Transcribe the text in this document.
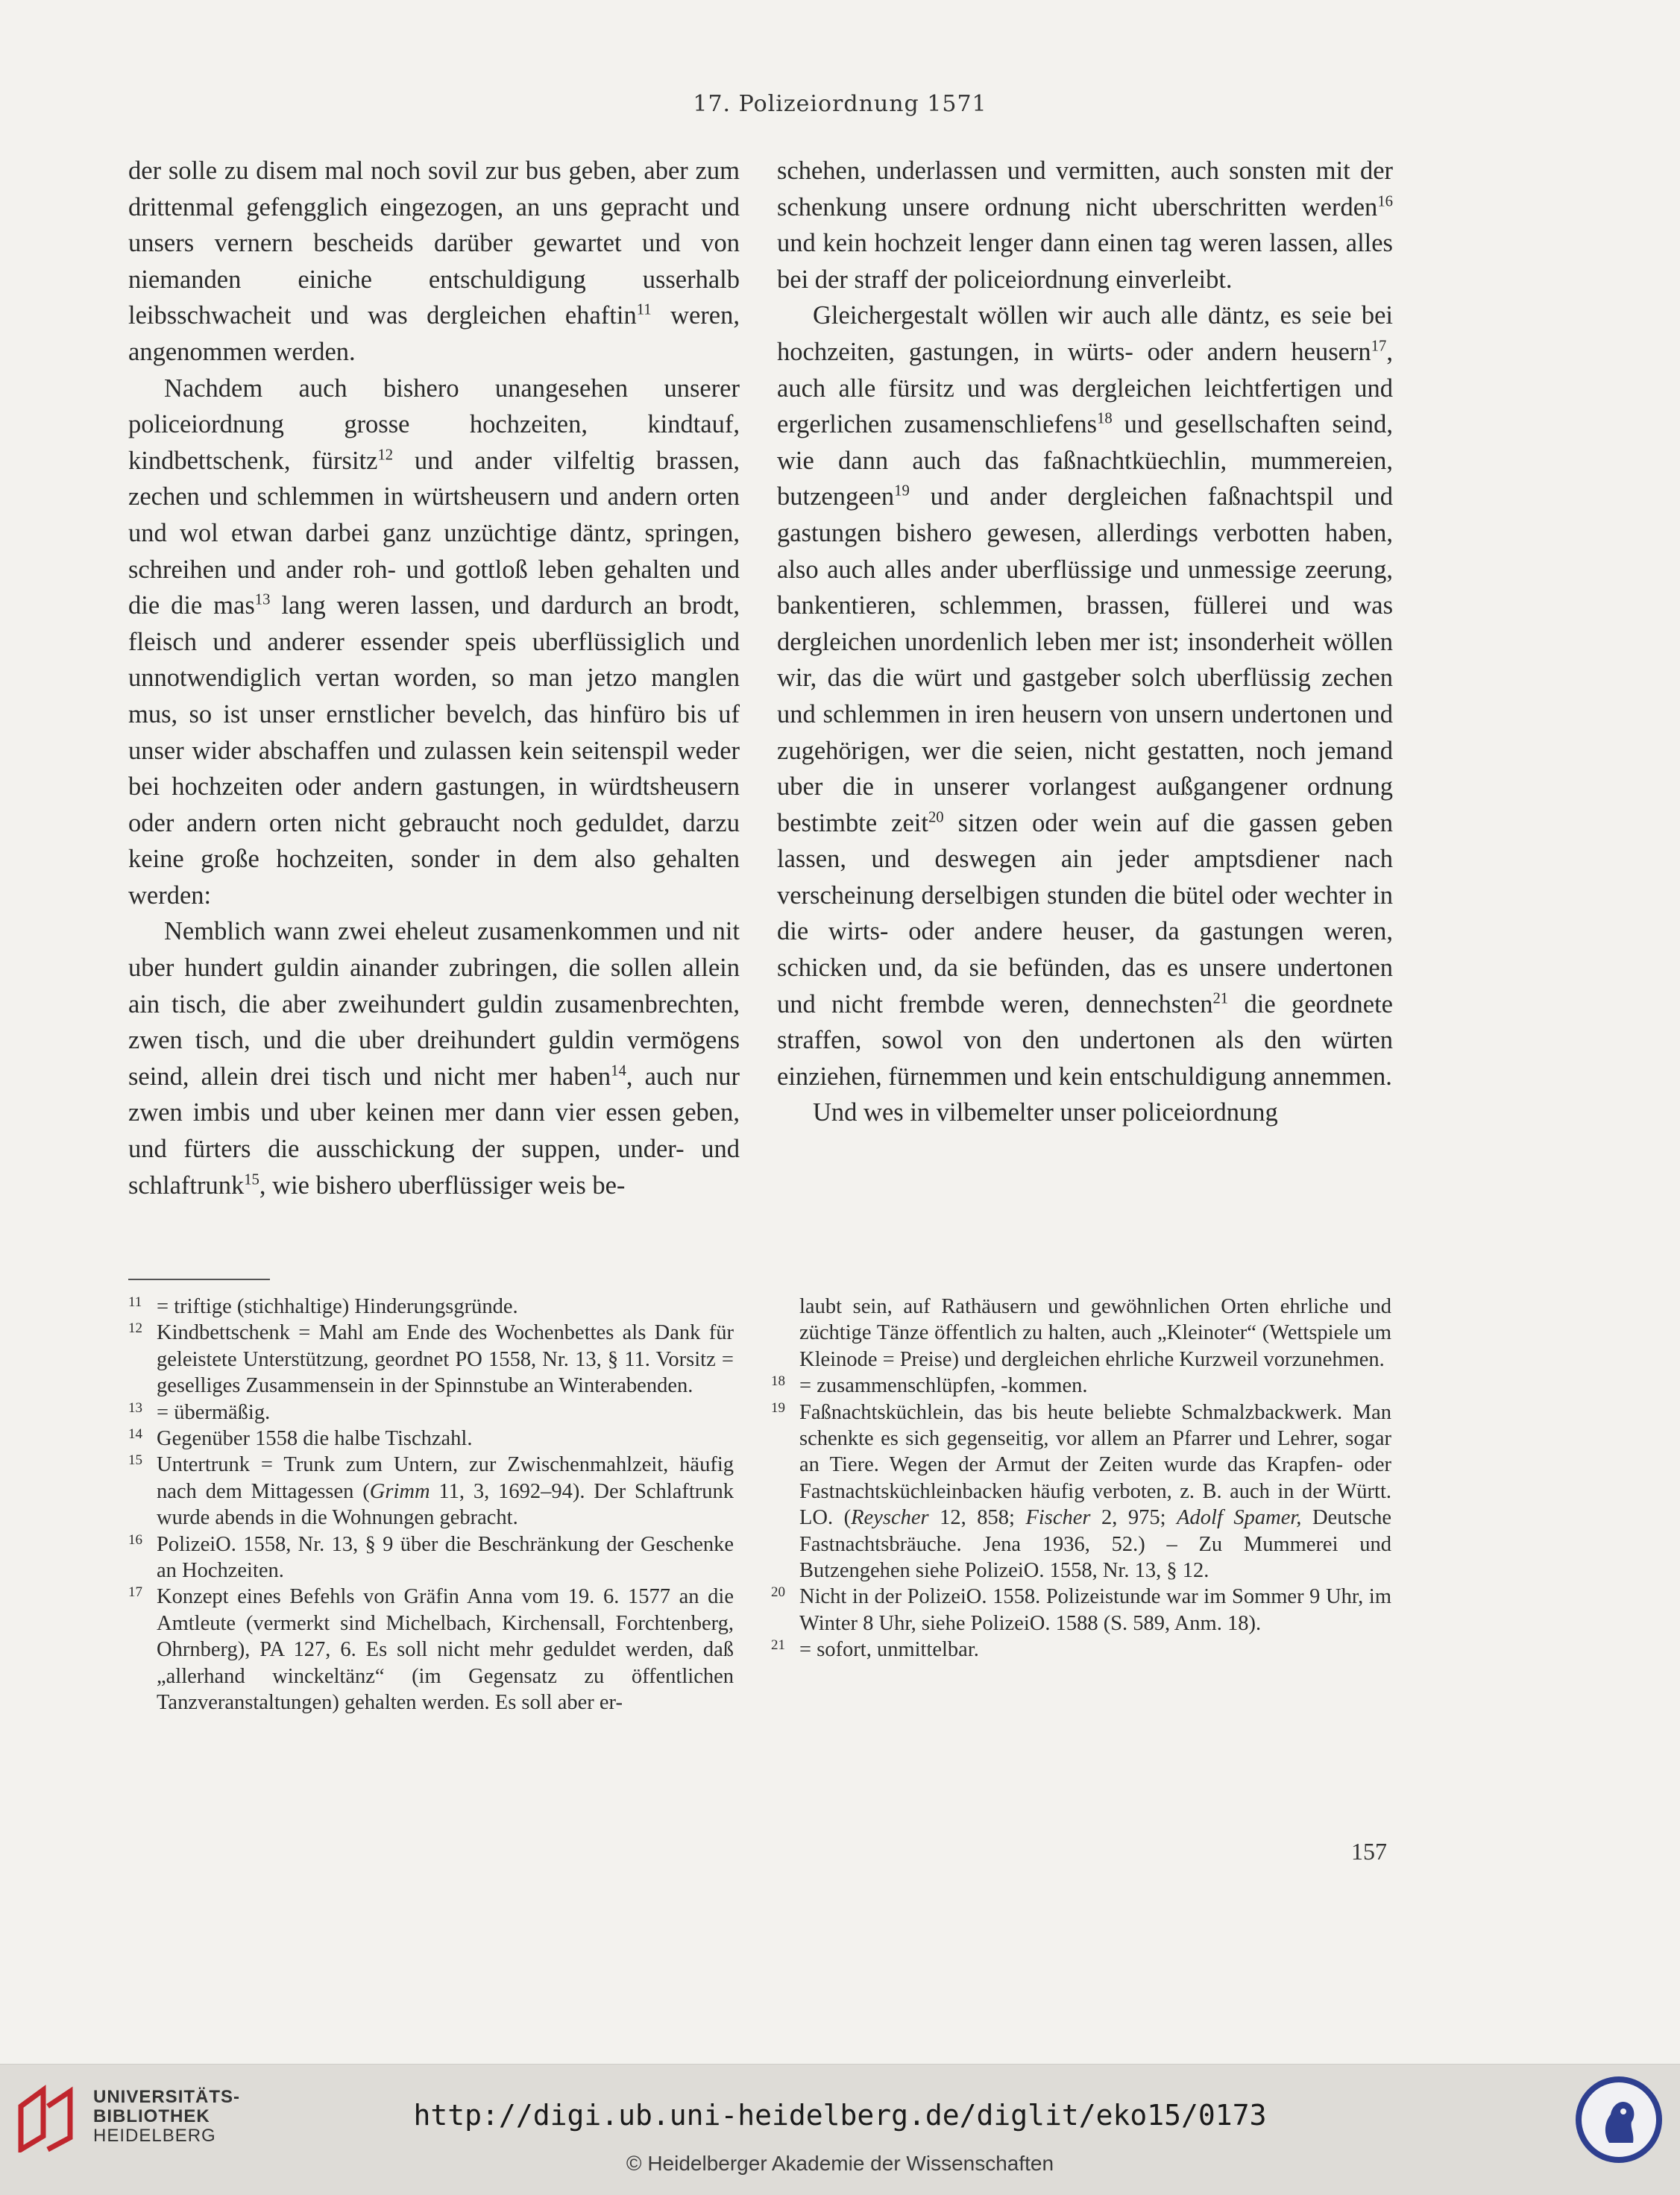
17. Polizeiordnung 1571

der solle zu disem mal noch sovil zur bus geben, aber zum drittenmal gefengglich eingezogen, an uns gepracht und unsers vernern bescheids darüber gewartet und von niemanden einiche entschuldigung usserhalb leibsschwacheit und was dergleichen ehaftin$^{11}$ weren, angenommen werden.

Nachdem auch bishero unangesehen unserer policeiordnung grosse hochzeiten, kindtauf, kindbettschenk, fürsitz$^{12}$ und ander vilfeltig brassen, zechen und schlemmen in würtsheusern und andern orten und wol etwan darbei ganz unzüchtige däntz, springen, schreihen und ander roh- und gottloß leben gehalten und die die mas$^{13}$ lang weren lassen, und dardurch an brodt, fleisch und anderer essender speis uberflüssiglich und unnotwendiglich vertan worden, so man jetzo manglen mus, so ist unser ernstlicher bevelch, das hinfüro bis uf unser wider abschaffen und zulassen kein seitenspil weder bei hochzeiten oder andern gastungen, in würdtsheusern oder andern orten nicht gebraucht noch geduldet, darzu keine große hochzeiten, sonder in dem also gehalten werden:

Nemblich wann zwei eheleut zusamenkommen und nit uber hundert guldin ainander zubringen, die sollen allein ain tisch, die aber zweihundert guldin zusamenbrechten, zwen tisch, und die uber dreihundert guldin vermögens seind, allein drei tisch und nicht mer haben$^{14}$, auch nur zwen imbis und uber keinen mer dann vier essen geben, und fürters die ausschickung der suppen, under- und schlaftrunk$^{15}$, wie bishero uberflüssiger weis be-

schehen, underlassen und vermitten, auch sonsten mit der schenkung unsere ordnung nicht uberschritten werden$^{16}$ und kein hochzeit lenger dann einen tag weren lassen, alles bei der straff der policeiordnung einverleibt.

Gleichergestalt wöllen wir auch alle däntz, es seie bei hochzeiten, gastungen, in würts- oder andern heusern$^{17}$, auch alle fürsitz und was dergleichen leichtfertigen und ergerlichen zusamenschliefens$^{18}$ und gesellschaften seind, wie dann auch das faßnachtküechlin, mummereien, butzengeen$^{19}$ und ander dergleichen faßnachtspil und gastungen bishero gewesen, allerdings verbotten haben, also auch alles ander uberflüssige und unmessige zeerung, bankentieren, schlemmen, brassen, füllerei und was dergleichen unordenlich leben mer ist; insonderheit wöllen wir, das die würt und gastgeber solch uberflüssig zechen und schlemmen in iren heusern von unsern undertonen und zugehörigen, wer die seien, nicht gestatten, noch jemand uber die in unserer vorlangest außgangener ordnung bestimbte zeit$^{20}$ sitzen oder wein auf die gassen geben lassen, und deswegen ain jeder amptsdiener nach verscheinung derselbigen stunden die bütel oder wechter in die wirts- oder andere heuser, da gastungen weren, schicken und, da sie befünden, das es unsere undertonen und nicht frembde weren, dennechsten$^{21}$ die geordnete straffen, sowol von den undertonen als den würten einziehen, fürnemmen und kein entschuldigung annemmen.

Und wes in vilbemelter unser policeiordnung

11 = triftige (stichhaltige) Hinderungsgründe.

12 Kindbettschenk = Mahl am Ende des Wochenbettes als Dank für geleistete Unterstützung, geordnet PO 1558, Nr. 13, § 11. Vorsitz = geselliges Zusammensein in der Spinnstube an Winterabenden.

13 = übermäßig.

14 Gegenüber 1558 die halbe Tischzahl.

15 Untertrunk = Trunk zum Untern, zur Zwischenmahlzeit, häufig nach dem Mittagessen (Grimm 11, 3, 1692–94). Der Schlaftrunk wurde abends in die Wohnungen gebracht.

16 PolizeiO. 1558, Nr. 13, § 9 über die Beschränkung der Geschenke an Hochzeiten.

17 Konzept eines Befehls von Gräfin Anna vom 19. 6. 1577 an die Amtleute (vermerkt sind Michelbach, Kirchensall, Forchtenberg, Ohrnberg), PA 127, 6. Es soll nicht mehr geduldet werden, daß „allerhand winckeltänz“ (im Gegensatz zu öffentlichen Tanzveranstaltungen) gehalten werden. Es soll aber er-

laubt sein, auf Rathäusern und gewöhnlichen Orten ehrliche und züchtige Tänze öffentlich zu halten, auch „Kleinoter“ (Wettspiele um Kleinode = Preise) und dergleichen ehrliche Kurzweil vorzunehmen.

18 = zusammenschlüpfen, -kommen.

19 Faßnachtsküchlein, das bis heute beliebte Schmalzbackwerk. Man schenkte es sich gegenseitig, vor allem an Pfarrer und Lehrer, sogar an Tiere. Wegen der Armut der Zeiten wurde das Krapfen- oder Fastnachtsküchleinbacken häufig verboten, z. B. auch in der Württ. LO. (Reyscher 12, 858; Fischer 2, 975; Adolf Spamer, Deutsche Fastnachtsbräuche. Jena 1936, 52.) – Zu Mummerei und Butzengehen siehe PolizeiO. 1558, Nr. 13, § 12.

20 Nicht in der PolizeiO. 1558. Polizeistunde war im Sommer 9 Uhr, im Winter 8 Uhr, siehe PolizeiO. 1588 (S. 589, Anm. 18).

21 = sofort, unmittelbar.

157
UNIVERSITÄTS-
BIBLIOTHEK
HEIDELBERG
http://digi.ub.uni-heidelberg.de/diglit/eko15/0173
© Heidelberger Akademie der Wissenschaften
